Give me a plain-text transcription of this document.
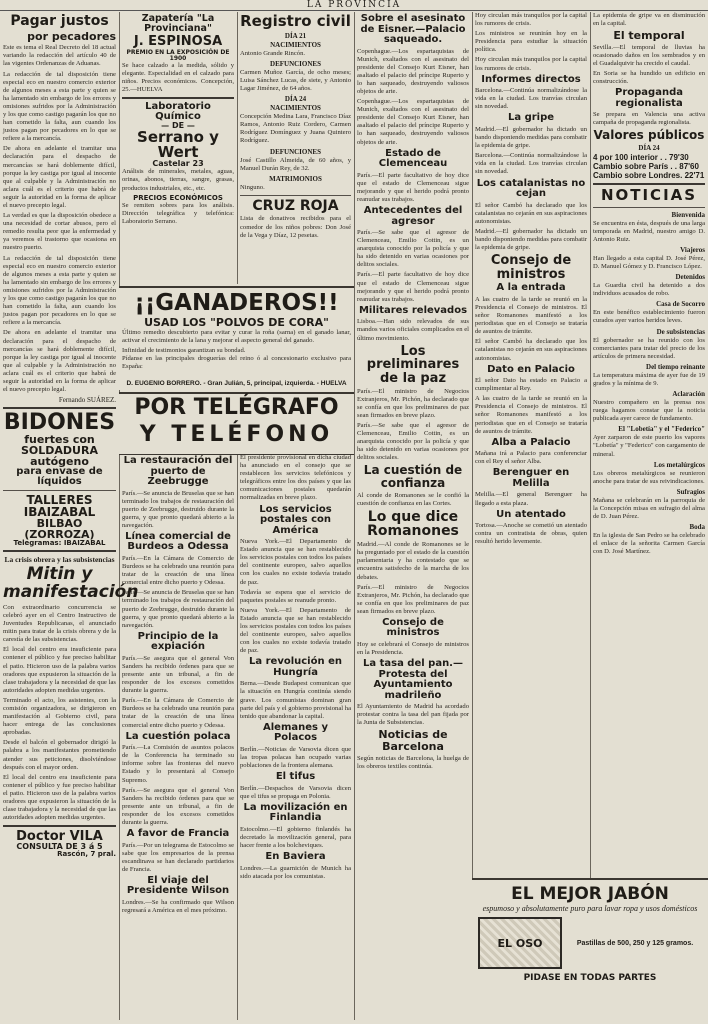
LA PROVINCIA
Pagar justos
por pecadores

Este es tema el Real Decreto del 18 actual variando la redacción del artículo 40 de las vigentes Ordenanzas de Aduanas.

La redacción de tal disposición tiene especial eco en nuestro comercio exterior de algunos meses a esta parte y quien se ha lamentado sin embargo de los errores y omisiones sufridos por la Administración y los que como castigo pagarán los que no han cometido la falta, aun cuando los justos pagan por pecadores en lo que se refiere a la mercancía.

De ahora en adelante el tramitar una declaración para el despacho de mercancías se hará doblemente difícil, porque la ley castiga por igual al inocente que al culpable y la Administración no aclara cuál es el criterio que habrá de seguir la autoridad en la forma de aplicar el nuevo precepto legal.

La verdad es que la disposición obedece a una necesidad de cortar abusos, pero el remedio resulta peor que la enfermedad y ya veremos el trastorno que ocasiona en nuestro puerto.

La redacción de tal disposición tiene especial eco en nuestro comercio exterior de algunos meses a esta parte y quien se ha lamentado sin embargo de los errores y omisiones sufridos por la Administración y los que como castigo pagarán los que no han cometido la falta, aun cuando los justos pagan por pecadores en lo que se refiere a la mercancía.

De ahora en adelante el tramitar una declaración para el despacho de mercancías se hará doblemente difícil, porque la ley castiga por igual al inocente que al culpable y la Administración no aclara cuál es el criterio que habrá de seguir la autoridad en la forma de aplicar el nuevo precepto legal.

Fernando SUÁREZ.
BIDONES
fuertes con
SOLDADURA autógeno
para envase de líquidos
TALLERES IBAIZABAL
BILBAO (ZORROZA)
Telegramas: IBAIZABAL
La crisis obrera y las subsistencias
Mitin y manifestación

Con extraordinario concurrencia se celebró ayer en el Centro Instructivo de Juventudes Republicanas, el anunciado mitin para tratar de la crisis obrera y de la carestía de las subsistencias.

El local del centro era insuficiente para contener el público y fue preciso habilitar el patio. Hicieron uso de la palabra varios oradores que expusieron la situación de la clase trabajadora y la necesidad de que las autoridades adopten medidas urgentes.

Terminado el acto, los asistentes, con la comisión organizadora, se dirigieron en manifestación al Gobierno civil, para hacer entrega de las conclusiones aprobadas.

Desde el balcón el gobernador dirigió la palabra a los manifestantes prometiendo atender sus peticiones, disolviéndose después con el mayor orden.

El local del centro era insuficiente para contener el público y fue preciso habilitar el patio. Hicieron uso de la palabra varios oradores que expusieron la situación de la clase trabajadora y la necesidad de que las autoridades adopten medidas urgentes.

Doctor VILA
CONSULTA DE 3 á 5
Rascón, 7 pral.
Zapatería "La Provinciana"
J. ESPINOSA
PREMIO EN LA EXPOSICIÓN DE 1900

Se hace calzado a la medida, sólido y elegante. Especialidad en el calzado para niños. Precios económicos. Concepción, 25.—HUELVA

Laboratorio Químico
— DE —
Serrano y Wert
Castelar 23

Análisis de minerales, metales, aguas, orinas, abonos, tierras, sangre, grasas, productos industriales, etc., etc.

PRECIOS ECONÓMICOS

Se remiten sobres para los análisis. Dirección telegráfica y telefónica: Laboratorio Serrano.

Registro civil
DÍA 21
NACIMIENTOS

Antonio Grande Rincón.

DEFUNCIONES

Carmen Muñoz García, de ocho meses; Luisa Sánchez Lucas, de siete, y Antonio Lagar Jiménez, de 64 años.

DÍA 24
NACIMIENTOS

Concepción Medina Lara, Francisco Díaz Ramos, Antonio Ruiz Cordero, Carmen Rodríguez Domínguez y Juana Quintero Rodríguez.

DEFUNCIONES

José Castillo Almeida, de 60 años, y Manuel Durán Rey, de 32.

MATRIMONIOS

Ninguno.

CRUZ ROJA

Lista de donativos recibidos para el comedor de los niños pobres: Don José de la Vega y Díaz, 12 pesetas.

¡¡GANADEROS!!
USAD LOS "POLVOS DE CORA"

Último remedio descubierto para evitar y curar la roña (sarna) en el ganado lanar, activar el crecimiento de la lana y mejorar el aspecto general del ganado.

Infinidad de testimonios garantizan su bondad.

Pídanse en las principales droguerías del reino ó al concesionario exclusivo para España:

D. EUGENIO BORRERO. - Gran Julián, 5, principal, izquierda. - HUELVA
POR TELÉGRAFO
Y TELÉFONO
La restauración del puerto de Zeebrugge

París.—Se anuncia de Bruselas que se han terminado los trabajos de restauración del puerto de Zeebrugge, destruido durante la guerra, y que pronto quedará abierto a la navegación.

Línea comercial de Burdeos a Odessa

París.—En la Cámara de Comercio de Burdeos se ha celebrado una reunión para tratar de la creación de una línea comercial entre dicho puerto y Odessa.

París.—Se anuncia de Bruselas que se han terminado los trabajos de restauración del puerto de Zeebrugge, destruido durante la guerra, y que pronto quedará abierto a la navegación.

Principio de la expiación

París.—Se asegura que el general Von Sanders ha recibido órdenes para que se presente ante un tribunal, a fin de responder de los excesos cometidos durante la guerra.

París.—En la Cámara de Comercio de Burdeos se ha celebrado una reunión para tratar de la creación de una línea comercial entre dicho puerto y Odessa.

La cuestión polaca

París.—La Comisión de asuntos polacos de la Conferencia ha terminado su informe sobre las fronteras del nuevo Estado y lo presentará al Consejo Supremo.

París.—Se asegura que el general Von Sanders ha recibido órdenes para que se presente ante un tribunal, a fin de responder de los excesos cometidos durante la guerra.

A favor de Francia

París.—Por un telegrama de Estocolmo se sabe que los empresarios de la prensa escandinava se han declarado partidarios de Francia.

El viaje del Presidente Wilson

Londres.—Se ha confirmado que Wilson regresará a América en el mes próximo.

El presidente provisional en dicha ciudad ha anunciado en el consejo que se restablecen los servicios telefónicos y telegráficos entre los dos países y que las comunicaciones postales quedarán normalizadas en breve plazo.

Los servicios postales con América

Nueva York.—El Departamento de Estado anuncia que se han restablecido los servicios postales con todos los países del continente europeo, salvo aquellos con los cuales no existe todavía tratado de paz.

Todavía se espera que el servicio de paquetes postales se reanude pronto.

Nueva York.—El Departamento de Estado anuncia que se han restablecido los servicios postales con todos los países del continente europeo, salvo aquellos con los cuales no existe todavía tratado de paz.

La revolución en Hungría

Berna.—Desde Budapest comunican que la situación en Hungría continúa siendo grave. Los comunistas dominan gran parte del país y el gobierno provisional ha tenido que abandonar la capital.

Alemanes y Polacos

Berlín.—Noticias de Varsovia dicen que las tropas polacas han ocupado varias poblaciones de la frontera alemana.

El tifus

Berlín.—Despachos de Varsovia dicen que el tifus se propaga en Polonia.

La movilización en Finlandia

Estocolmo.—El gobierno finlandés ha decretado la movilización general, para hacer frente a los bolcheviques.

En Baviera

Londres.—La guarnición de Munich ha sido atacada por los comunistas.

Sobre el asesinato de Eisner.—Palacio saqueado.

Copenhague.—Los espartaquistas de Munich, exaltados con el asesinato del presidente del Consejo Kurt Eisner, han asaltado el palacio del príncipe Ruperto y lo han saqueado, destruyendo valiosos objetos de arte.

Copenhague.—Los espartaquistas de Munich, exaltados con el asesinato del presidente del Consejo Kurt Eisner, han asaltado el palacio del príncipe Ruperto y lo han saqueado, destruyendo valiosos objetos de arte.

Estado de Clemenceau

París.—El parte facultativo de hoy dice que el estado de Clemenceau sigue mejorando y que el herido podrá pronto reanudar sus trabajos.

Antecedentes del agresor

París.—Se sabe que el agresor de Clemenceau, Emilio Cottin, es un anarquista conocido por la policía y que ha sido detenido en varias ocasiones por delitos sociales.

París.—El parte facultativo de hoy dice que el estado de Clemenceau sigue mejorando y que el herido podrá pronto reanudar sus trabajos.

Militares relevados

Lisboa.—Han sido relevados de sus mandos varios oficiales complicados en el último movimiento.

Los preliminares de la paz

París.—El ministro de Negocios Extranjeros, Mr. Pichón, ha declarado que se confía en que los preliminares de paz sean firmados en breve plazo.

París.—Se sabe que el agresor de Clemenceau, Emilio Cottin, es un anarquista conocido por la policía y que ha sido detenido en varias ocasiones por delitos sociales.

La cuestión de confianza

Al conde de Romanones se le confió la cuestión de confianza en las Cortes.

Lo que dice Romanones

Madrid.—Al conde de Romanones se le ha preguntado por el estado de la cuestión parlamentaria y ha contestado que se encuentra satisfecho de la marcha de los debates.

París.—El ministro de Negocios Extranjeros, Mr. Pichón, ha declarado que se confía en que los preliminares de paz sean firmados en breve plazo.

Consejo de ministros

Hoy se celebrará el Consejo de ministros en la Presidencia.

La tasa del pan.—Protesta del Ayuntamiento madrileño

El Ayuntamiento de Madrid ha acordado protestar contra la tasa del pan fijada por la Junta de Subsistencias.

Noticias de Barcelona

Según noticias de Barcelona, la huelga de los obreros textiles continúa.

Hoy circulan más tranquilos por la capital los rumores de crisis.

Los ministros se reunirán hoy en la Presidencia para estudiar la situación política.

Hoy circulan más tranquilos por la capital los rumores de crisis.

Informes directos

Barcelona.—Continúa normalizándose la vida en la ciudad. Los tranvías circulan sin novedad.

La gripe

Madrid.—El gobernador ha dictado un bando disponiendo medidas para combatir la epidemia de gripe.

Barcelona.—Continúa normalizándose la vida en la ciudad. Los tranvías circulan sin novedad.

Los catalanistas no cejan

El señor Cambó ha declarado que los catalanistas no cejarán en sus aspiraciones autonomistas.

Madrid.—El gobernador ha dictado un bando disponiendo medidas para combatir la epidemia de gripe.

Consejo de ministros
A la entrada

A las cuatro de la tarde se reunió en la Presidencia el Consejo de ministros. El señor Romanones manifestó a los periodistas que en el Consejo se trataría de asuntos de trámite.

El señor Cambó ha declarado que los catalanistas no cejarán en sus aspiraciones autonomistas.

Dato en Palacio

El señor Dato ha estado en Palacio a cumplimentar al Rey.

A las cuatro de la tarde se reunió en la Presidencia el Consejo de ministros. El señor Romanones manifestó a los periodistas que en el Consejo se trataría de asuntos de trámite.

Alba a Palacio

Mañana irá a Palacio para conferenciar con el Rey el señor Alba.

Berenguer en Melilla

Melilla.—El general Berenguer ha llegado a esta plaza.

Un atentado

Tortosa.—Anoche se cometió un atentado contra un contratista de obras, quien resultó herido levemente.

La epidemia de gripe va en disminución en la capital.

El temporal

Sevilla.—El temporal de lluvias ha ocasionado daños en los sembrados y en el Guadalquivir ha crecido el caudal.

En Soria se ha hundido un edificio en construcción.

Propaganda regionalista

Se prepara en Valencia una activa campaña de propaganda regionalista.

Valores públicos
DÍA 24
4 por 100 interior . . 79'30
Cambio sobre París . . 87'60
Cambio sobre Londres. 22'71
NOTICIAS
Bienvenida

Se encuentra en ésta, después de una larga temporada en Madrid, nuestro amigo D. Antonio Ruiz.

Viajeros

Han llegado a esta capital D. José Pérez, D. Manuel Gómez y D. Francisco López.

Detenidos

La Guardia civil ha detenido a dos individuos acusados de robo.

Casa de Socorro

En este benéfico establecimiento fueron curados ayer varios heridos leves.

De subsistencias

El gobernador se ha reunido con los comerciantes para tratar del precio de los artículos de primera necesidad.

Del tiempo reinante

La temperatura máxima de ayer fue de 19 grados y la mínima de 9.

Aclaración

Nuestro compañero en la prensa nos ruega hagamos constar que la noticia publicada ayer carece de fundamento.

El "Lobetía" y el "Federico"

Ayer zarparon de este puerto los vapores "Lobetía" y "Federico" con cargamento de mineral.

Los metalúrgicos

Los obreros metalúrgicos se reunieron anoche para tratar de sus reivindicaciones.

Sufragios

Mañana se celebrarán en la parroquia de la Concepción misas en sufragio del alma de D. Juan Pérez.

Boda

En la iglesia de San Pedro se ha celebrado el enlace de la señorita Carmen García con D. José Martínez.

EL MEJOR JABÓN
espumoso y absolutamente puro para lavar ropa y usos domésticos
EL OSO	Pastillas de 500, 250 y 125 gramos.
PIDASE EN TODAS PARTES
